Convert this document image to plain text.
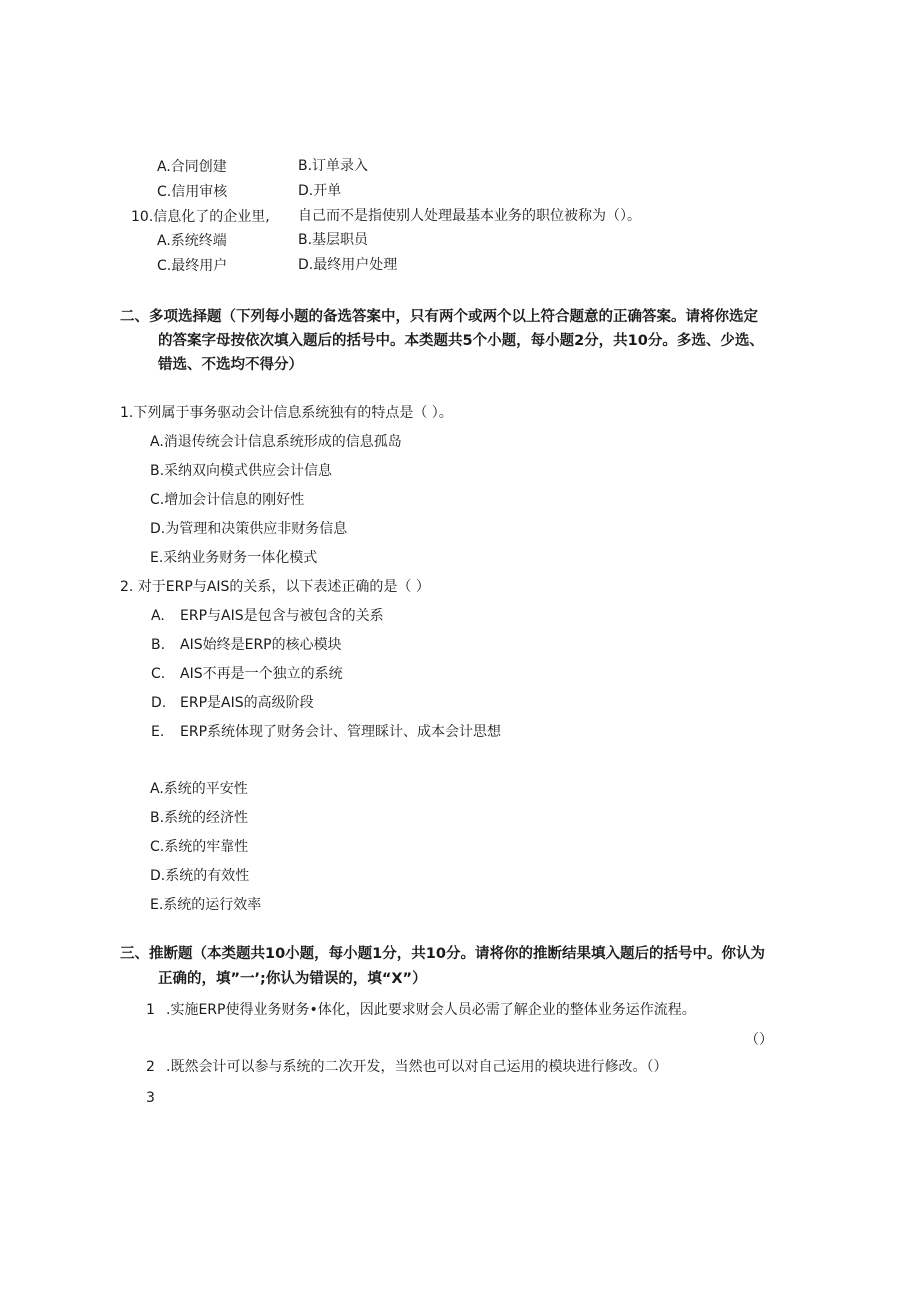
A.合同创建	B.订单录入
C.信用审核	D.开单
10.信息化了的企业里, 自己而不是指使别人处理最基本业务的职位被称为（）。
A.系统终端	B.基层职员
C.最终用户	D.最终用户处理
二、 多项选择题（下列每小题的备选答案中，只有两个或两个以上符合题意的正确答案。请将你选定
的答案字母按依次填入题后的括号中。本类题共5个小题，每小题2分，共10分。多选、少选、
错选、不选均不得分）
1.下列属于事务驱动会计信息系统独有的特点是（ ）。
A.消退传统会计信息系统形成的信息孤岛
B.采纳双向模式供应会计信息
C.增加会计信息的刚好性
D.为管理和决策供应非财务信息
E.采纳业务财务一体化模式
2. 对于ERP与AIS的关系，以下表述正确的是（ ）
A. ERP与AIS是包含与被包含的关系
B. AIS始终是ERP的核心模块
C. AIS不再是一个独立的系统
D. ERP是AIS的高级阶段
E. ERP系统体现了财务会计、管理睬计、成本会计思想
A.系统的平安性
B.系统的经济性
C.系统的牢靠性
D.系统的有效性
E.系统的运行效率
三、 推断题（本类题共10小题，每小题1分，共10分。请将你的推断结果填入题后的括号中。你认为
正确的，填”一’;你认为错误的，填“X”）
1 .实施ERP使得业务财务•体化，因此要求财会人员必需了解企业的整体业务运作流程。
（）
2 .既然会计可以参与系统的二次开发，当然也可以对自己运用的模块进行修改。（）
3
